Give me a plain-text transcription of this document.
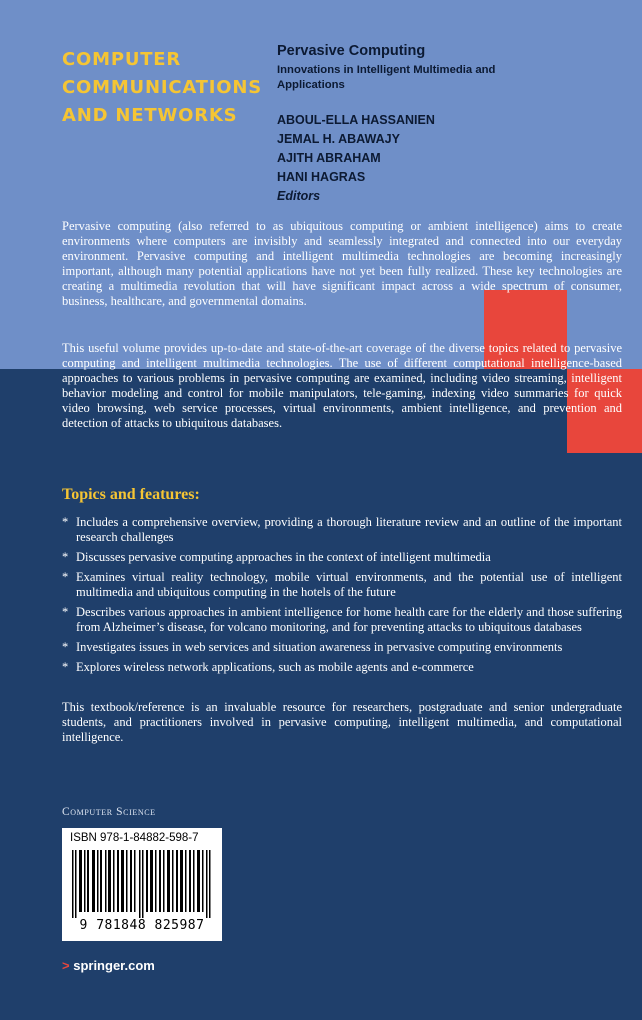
COMPUTER
COMMUNICATIONS
AND NETWORKS
Pervasive Computing
Innovations in Intelligent Multimedia and Applications
ABOUL-ELLA HASSANIEN
JEMAL H. ABAWAJY
AJITH ABRAHAM
HANI HAGRAS
Editors

Pervasive computing (also referred to as ubiquitous computing or ambient intelligence) aims to create environments where computers are invisibly and seamlessly integrated and connected into our everyday environment. Pervasive computing and intelligent multimedia technologies are becoming increasingly important, although many potential applications have not yet been fully realized. These key technologies are creating a multimedia revolution that will have significant impact across a wide spectrum of consumer, business, healthcare, and governmental domains.

This useful volume provides up-to-date and state-of-the-art coverage of the diverse topics related to pervasive computing and intelligent multimedia technologies. The use of different computational intelligence-based approaches to various problems in pervasive computing are examined, including video streaming, intelligent behavior modeling and control for mobile manipulators, tele-gaming, indexing video summaries for quick video browsing, web service processes, virtual environments, ambient intelligence, and prevention and detection of attacks to ubiquitous databases.

Topics and features:
* Includes a comprehensive overview, providing a thorough literature review and an outline of the important research challenges
* Discusses pervasive computing approaches in the context of intelligent multimedia
* Examines virtual reality technology, mobile virtual environments, and the potential use of intelligent multimedia and ubiquitous computing in the hotels of the future
* Describes various approaches in ambient intelligence for home health care for the elderly and those suffering from Alzheimer’s disease, for volcano monitoring, and for preventing attacks to ubiquitous databases
* Investigates issues in web services and situation awareness in pervasive computing environments
* Explores wireless network applications, such as mobile agents and e-commerce

This textbook/reference is an invaluable resource for researchers, postgraduate and senior undergraduate students, and practitioners involved in pervasive computing, intelligent multimedia, and computational intelligence.

Computer Science
ISBN 978-1-84882-598-7
9 781848 825987
> springer.com
